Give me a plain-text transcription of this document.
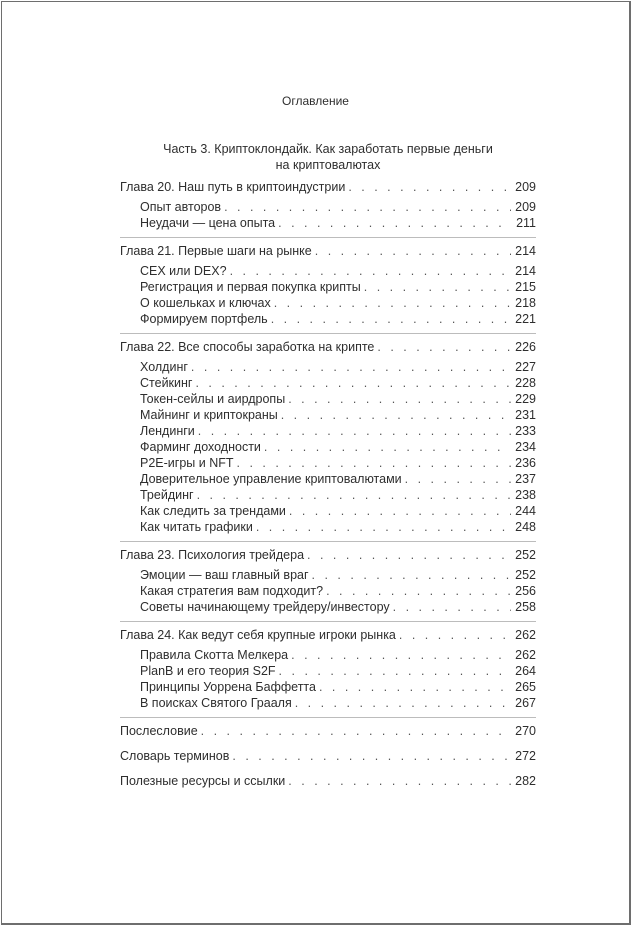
Оглавление
Часть 3. Криптоклондайк. Как заработать первые деньги
на криптовалютах
Глава 20. Наш путь в криптоиндустрии . . .	209
Опыт авторов . . .	209
Неудачи — цена опыта . . .	211
Глава 21. Первые шаги на рынке . . .	214
CEX или DEX? . . .	214
Регистрация и первая покупка крипты . . .	215
О кошельках и ключах . . .	218
Формируем портфель . . .	221
Глава 22. Все способы заработка на крипте . . .	226
Холдинг . . .	227
Стейкинг . . .	228
Токен-сейлы и аирдропы . . .	229
Майнинг и криптокраны . . .	231
Лендинги . . .	233
Фарминг доходности . . .	234
P2E-игры и NFT . . .	236
Доверительное управление криптовалютами . . .	237
Трейдинг . . .	238
Как следить за трендами . . .	244
Как читать графики . . .	248
Глава 23. Психология трейдера . . .	252
Эмоции — ваш главный враг . . .	252
Какая стратегия вам подходит? . . .	256
Советы начинающему трейдеру/инвестору . . .	258
Глава 24. Как ведут себя крупные игроки рынка . . .	262
Правила Скотта Мелкера . . .	262
PlanB и его теория S2F . . .	264
Принципы Уоррена Баффетта . . .	265
В поисках Святого Грааля . . .	267
Послесловие . . .	270
Словарь терминов . . .	272
Полезные ресурсы и ссылки . . .	282
